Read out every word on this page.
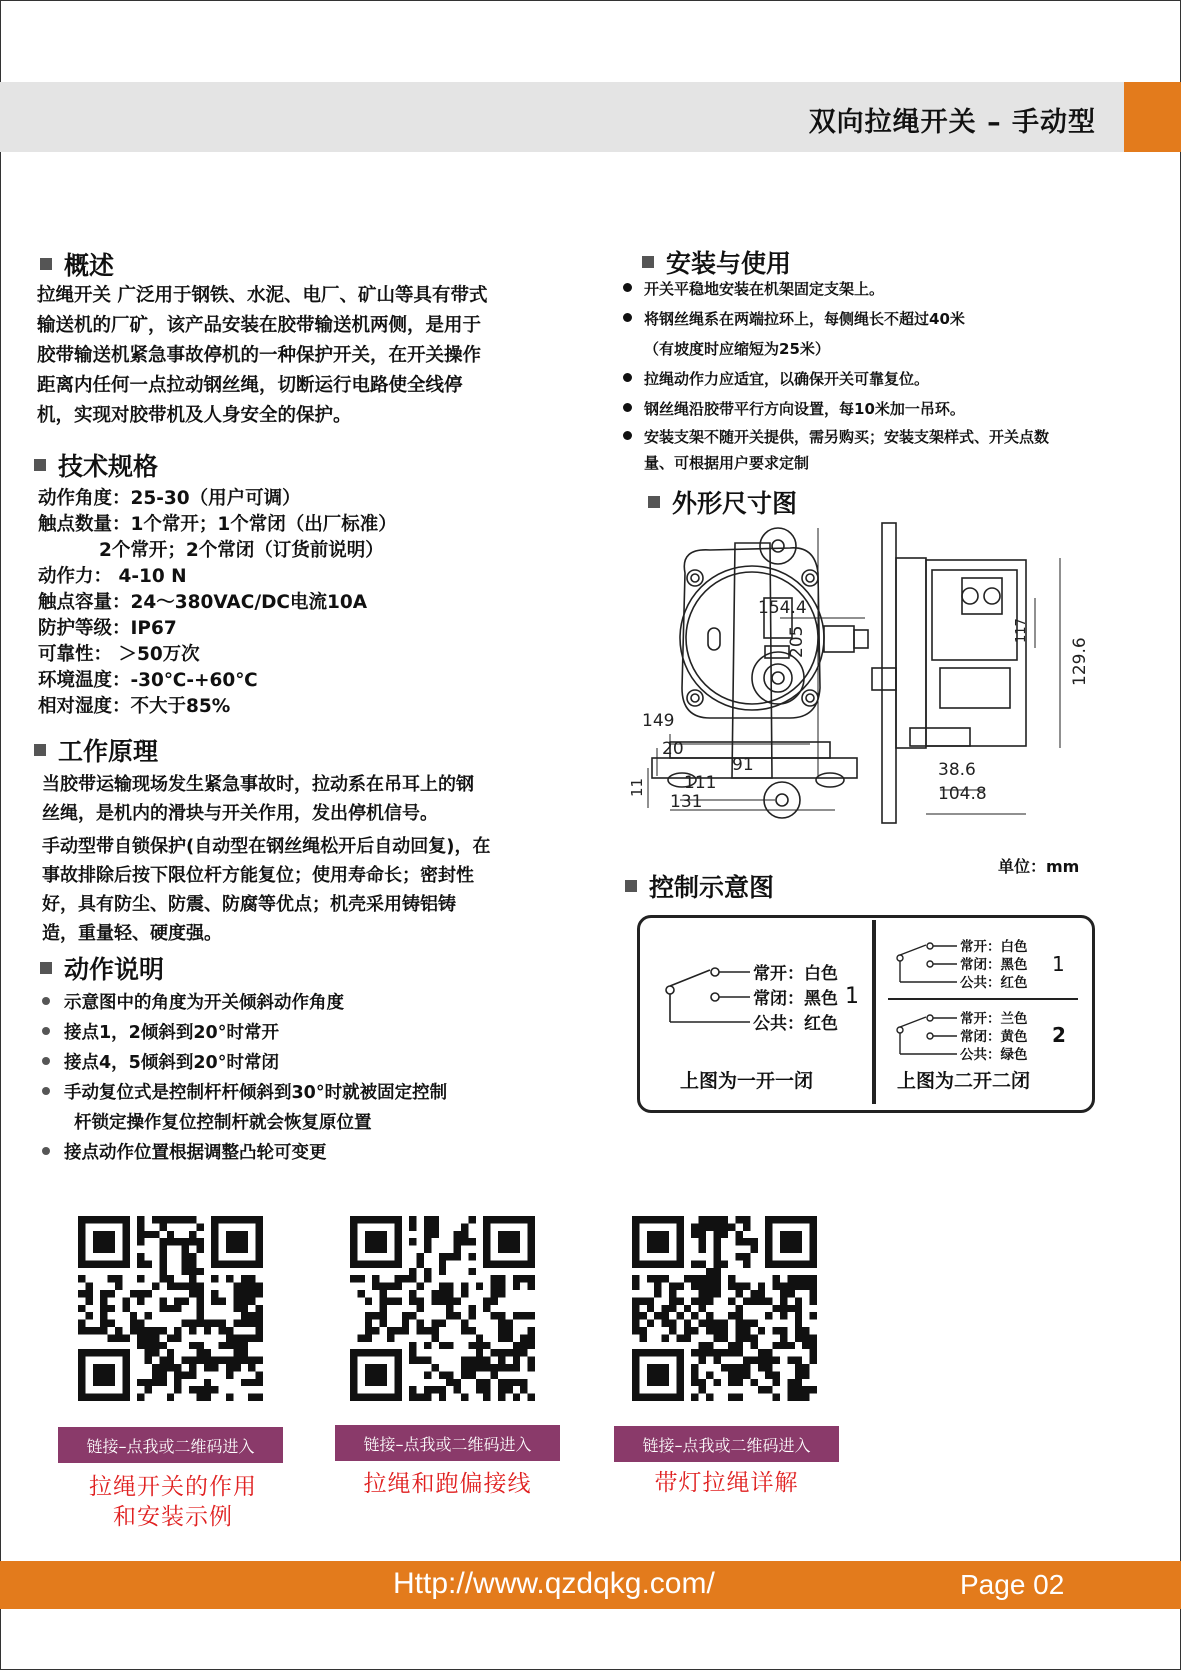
双向拉绳开关 – 手动型
概述
拉绳开关 广泛用于钢铁、水泥、电厂、矿山等具有带式
输送机的厂矿，该产品安装在胶带输送机两侧，是用于
胶带输送机紧急事故停机的一种保护开关，在开关操作
距离内任何一点拉动钢丝绳，切断运行电路使全线停
机，实现对胶带机及人身安全的保护。
技术规格
动作角度：25-30（用户可调）
触点数量：1个常开；1个常闭（出厂标准）
2个常开；2个常闭（订货前说明）
动作力： 4-10 N
触点容量：24～380VAC/DC电流10A
防护等级：IP67
可靠性： ＞50万次
环境温度：-30℃-+60℃
相对湿度：不大于85%
工作原理
当胶带运输现场发生紧急事故时，拉动系在吊耳上的钢
丝绳，是机内的滑块与开关作用，发出停机信号。
手动型带自锁保护(自动型在钢丝绳松开后自动回复)，在
事故排除后按下限位杆方能复位；使用寿命长；密封性
好，具有防尘、防震、防腐等优点；机壳采用铸铝铸
造，重量轻、硬度强。
动作说明
示意图中的角度为开关倾斜动作角度
接点1，2倾斜到20°时常开
接点4，5倾斜到20°时常闭
手动复位式是控制杆杆倾斜到30°时就被固定控制
杆锁定操作复位控制杆就会恢复原位置
接点动作位置根据调整凸轮可变更
安装与使用
开关平稳地安装在机架固定支架上。
将钢丝绳系在两端拉环上，每侧绳长不超过40米
（有坡度时应缩短为25米）
拉绳动作力应适宜，以确保开关可靠复位。
钢丝绳沿胶带平行方向设置，每10米加一吊环。
安装支架不随开关提供，需另购买；安装支架样式、开关点数
量、可根据用户要求定制
外形尺寸图
154.4
205
149
20
91
111
131
11
117
129.6
38.6
104.8
控制示意图
单位：mm
常开：白色
常闭：黑色
公共：红色
1
上图为一开一闭
常开：白色
常闭：黑色
公共：红色
1
常开：兰色
常闭：黄色
公共：绿色
2
上图为二开二闭
链接–点我或二维码进入	链接–点我或二维码进入	链接–点我或二维码进入
拉绳开关的作用
和安装示例
拉绳和跑偏接线	带灯拉绳详解
Http://www.qzdqkg.com/	Page 02
